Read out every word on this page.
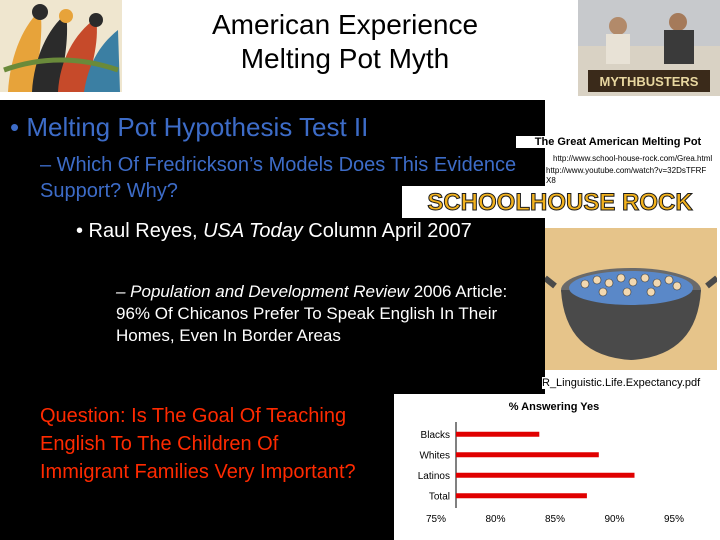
American Experience
Melting Pot Myth
MYTHBUSTERS
• Melting Pot Hypothesis Test II
– Which Of Fredrickson’s Models Does This Evidence Support? Why?
• Raul Reyes, USA Today Column April 2007
– Population and Development Review 2006 Article: 96% Of Chicanos Prefer To Speak English In Their Homes, Even In Border Areas
Question: Is The Goal Of Teaching English To The Children Of Immigrant Families Very Important?
The Great American Melting Pot
http://www.school-house-rock.com/Grea.html
http://www.youtube.com/watch?v=32DsTFRF X8
SCHOOLHOUSE ROCK
R_Linguistic.Life.Expectancy.pdf
% Answering Yes
Blacks
Whites
Latinos
Total
75%	80%	85%	90%	95%
